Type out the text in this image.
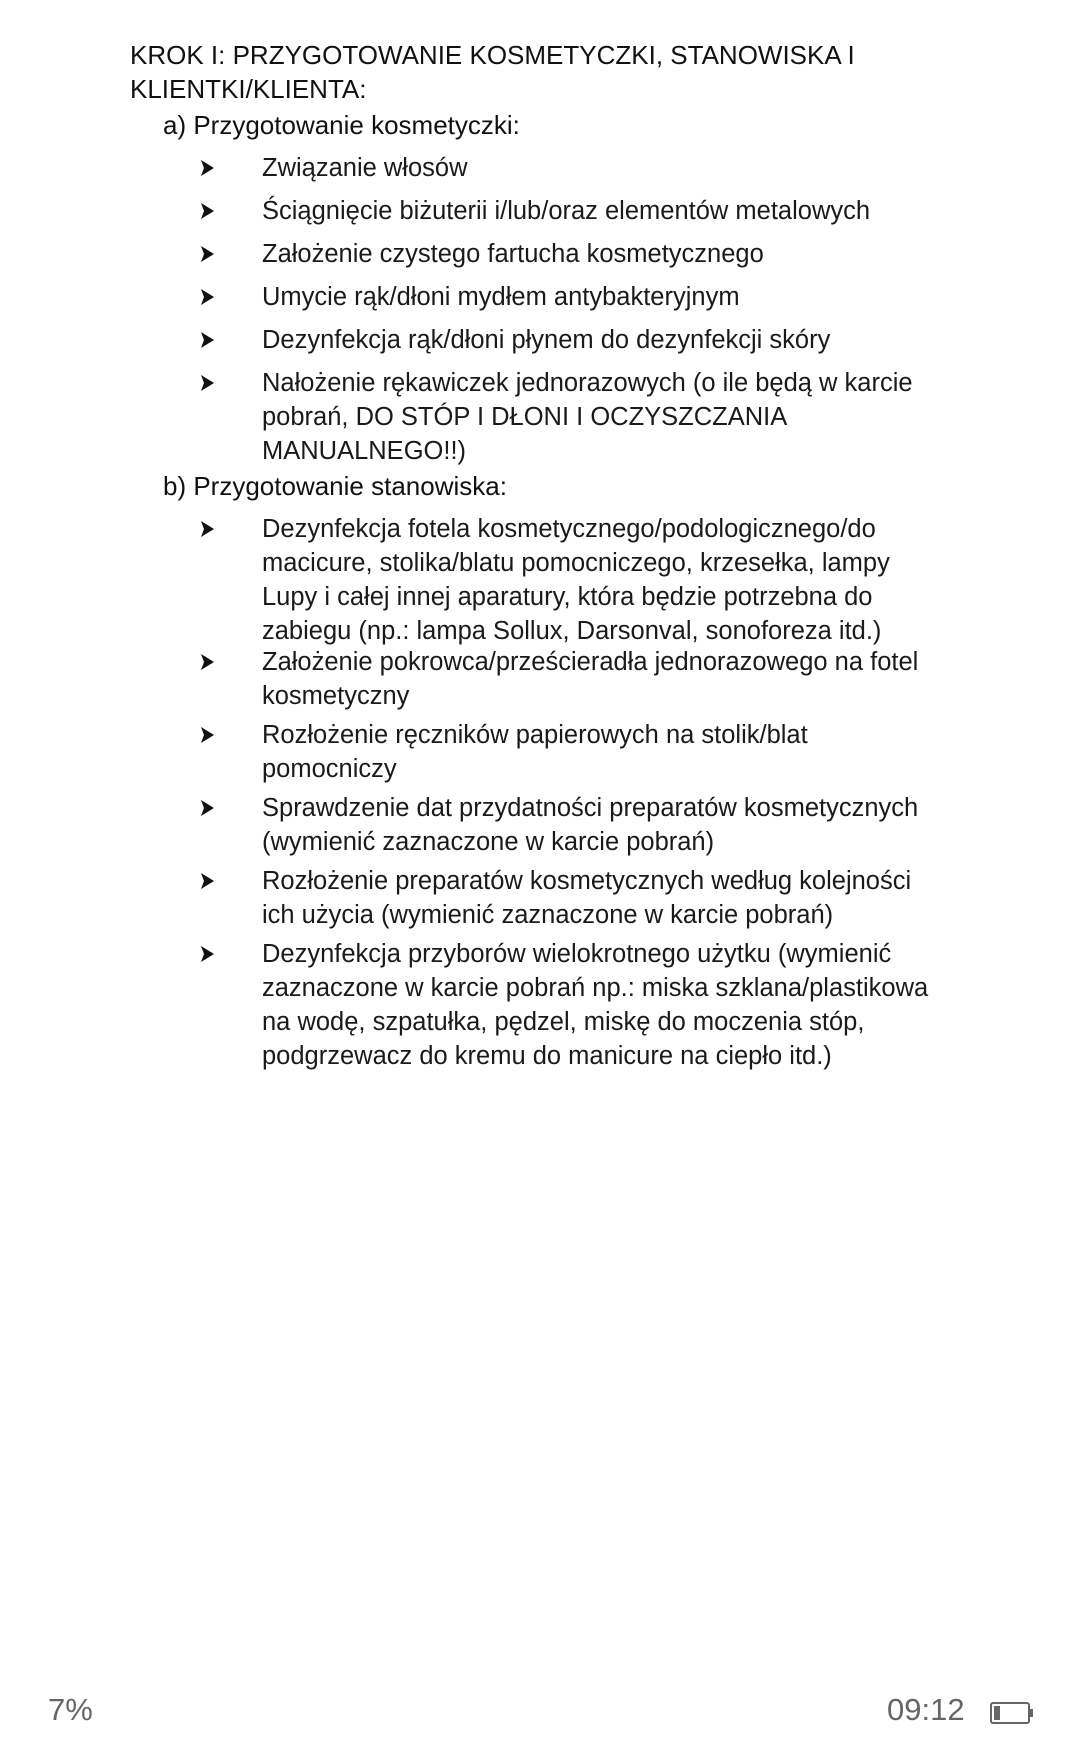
KROK I: PRZYGOTOWANIE KOSMETYCZKI, STANOWISKA I
KLIENTKI/KLIENTA:
a) Przygotowanie kosmetyczki:
Związanie włosów
Ściągnięcie biżuterii i/lub/oraz elementów metalowych
Założenie czystego fartucha kosmetycznego
Umycie rąk/dłoni mydłem antybakteryjnym
Dezynfekcja rąk/dłoni płynem do dezynfekcji skóry
Nałożenie rękawiczek jednorazowych (o ile będą w karcie
pobrań, DO STÓP I DŁONI I OCZYSZCZANIA
MANUALNEGO!!)
b) Przygotowanie stanowiska:
Dezynfekcja fotela kosmetycznego/podologicznego/do
macicure, stolika/blatu pomocniczego, krzesełka, lampy
Lupy i całej innej aparatury, która będzie potrzebna do
zabiegu (np.: lampa Sollux, Darsonval, sonoforeza itd.)
Założenie pokrowca/prześcieradła jednorazowego na fotel
kosmetyczny
Rozłożenie ręczników papierowych na stolik/blat
pomocniczy
Sprawdzenie dat przydatności preparatów kosmetycznych
(wymienić zaznaczone w karcie pobrań)
Rozłożenie preparatów kosmetycznych według kolejności
ich użycia (wymienić zaznaczone w karcie pobrań)
Dezynfekcja przyborów wielokrotnego użytku (wymienić
zaznaczone w karcie pobrań np.: miska szklana/plastikowa
na wodę, szpatułka, pędzel, miskę do moczenia stóp,
podgrzewacz do kremu do manicure na ciepło itd.)
7%	09:12
